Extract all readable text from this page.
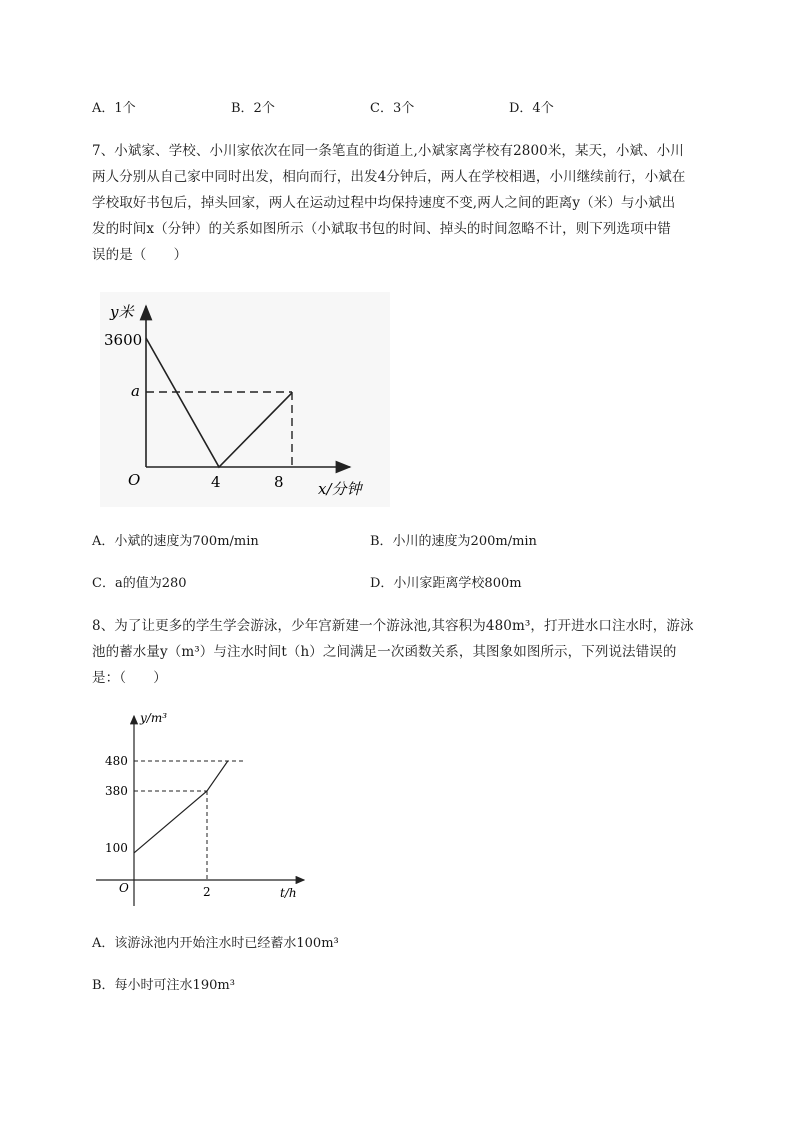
A．1个	B．2个	C．3个	D．4个
7、小斌家、学校、小川家依次在同一条笔直的街道上,小斌家离学校有2800米，某天，小斌、小川
两人分别从自己家中同时出发，相向而行，出发4分钟后，两人在学校相遇，小川继续前行，小斌在
学校取好书包后，掉头回家，两人在运动过程中均保持速度不变,两人之间的距离y（米）与小斌出
发的时间x（分钟）的关系如图所示（小斌取书包的时间、掉头的时间忽略不计，则下列选项中错
误的是（　　）
y米
3600
a
O	4	8 x/分钟
A．小斌的速度为700m/min	B．小川的速度为200m/min
C．a的值为280	D．小川家距离学校800m
8、为了让更多的学生学会游泳，少年宫新建一个游泳池,其容积为480m³，打开进水口注水时，游泳
池的蓄水量y（m³）与注水时间t（h）之间满足一次函数关系，其图象如图所示，下列说法错误的
是：（　　）
y/m³
480
380
100
O	2	t/h
A．该游泳池内开始注水时已经蓄水100m³
B．每小时可注水190m³
